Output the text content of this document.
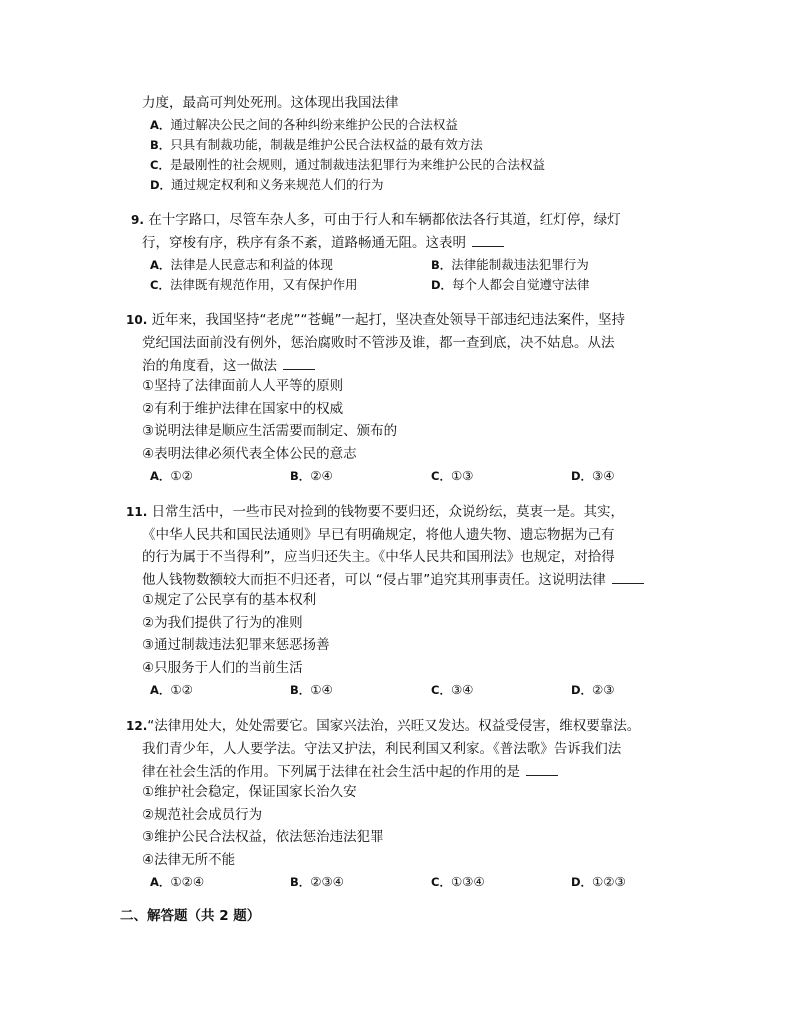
力度，最高可判处死刑。这体现出我国法律
A．通过解决公民之间的各种纠纷来维护公民的合法权益
B．只具有制裁功能，制裁是维护公民合法权益的最有效方法
C．是最刚性的社会规则，通过制裁违法犯罪行为来维护公民的合法权益
D．通过规定权利和义务来规范人们的行为
9. 在十字路口，尽管车杂人多，可由于行人和车辆都依法各行其道，红灯停，绿灯
行，穿梭有序，秩序有条不紊，道路畅通无阻。这表明
A．法律是人民意志和利益的体现	B．法律能制裁违法犯罪行为
C．法律既有规范作用，又有保护作用	D．每个人都会自觉遵守法律
10. 近年来，我国坚持“老虎”“苍蝇”一起打，坚决查处领导干部违纪违法案件，坚持
党纪国法面前没有例外，惩治腐败时不管涉及谁，都一查到底，决不姑息。从法
治的角度看，这一做法
①坚持了法律面前人人平等的原则
②有利于维护法律在国家中的权威
③说明法律是顺应生活需要而制定、颁布的
④表明法律必须代表全体公民的意志
A．①②	B．②④	C．①③	D．③④
11. 日常生活中，一些市民对捡到的钱物要不要归还，众说纷纭，莫衷一是。其实，
《中华人民共和国民法通则》早已有明确规定，将他人遗失物、遗忘物据为己有
的行为属于不当得利”，应当归还失主。《中华人民共和国刑法》也规定，对拾得
他人钱物数额较大而拒不归还者，可以 “侵占罪”追究其刑事责任。这说明法律
①规定了公民享有的基本权利
②为我们提供了行为的准则
③通过制裁违法犯罪来惩恶扬善
④只服务于人们的当前生活
A．①②	B．①④	C．③④	D．②③
12.“法律用处大，处处需要它。国家兴法治，兴旺又发达。权益受侵害，维权要靠法。
我们青少年，人人要学法。守法又护法，利民利国又利家。《普法歌》告诉我们法
律在社会生活的作用。下列属于法律在社会生活中起的作用的是
①维护社会稳定，保证国家长治久安
②规范社会成员行为
③维护公民合法权益，依法惩治违法犯罪
④法律无所不能
A．①②④	B．②③④	C．①③④	D．①②③
二、解答题（共 2 题）
